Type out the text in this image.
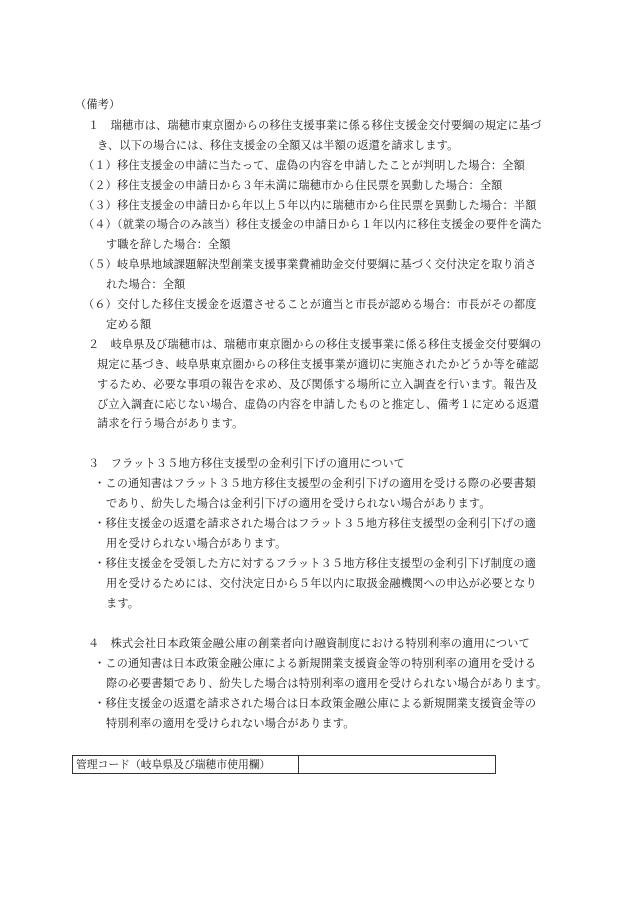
（備考）
１　瑞穂市は、瑞穂市東京圏からの移住支援事業に係る移住支援金交付要綱の規定に基づ
き、以下の場合には、移住支援金の全額又は半額の返還を請求します。
（１）移住支援金の申請に当たって、虚偽の内容を申請したことが判明した場合：全額
（２）移住支援金の申請日から３年未満に瑞穂市から住民票を異動した場合：全額
（３）移住支援金の申請日から年以上５年以内に瑞穂市から住民票を異動した場合：半額
（４）（就業の場合のみ該当）移住支援金の申請日から１年以内に移住支援金の要件を満た
す職を辞した場合：全額
（５）岐阜県地域課題解決型創業支援事業費補助金交付要綱に基づく交付決定を取り消さ
れた場合：全額
（６）交付した移住支援金を返還させることが適当と市長が認める場合：市長がその都度
定める額
２　岐阜県及び瑞穂市は、瑞穂市東京圏からの移住支援事業に係る移住支援金交付要綱の
規定に基づき、岐阜県東京圏からの移住支援事業が適切に実施されたかどうか等を確認
するため、必要な事項の報告を求め、及び関係する場所に立入調査を行います。報告及
び立入調査に応じない場合、虚偽の内容を申請したものと推定し、備考１に定める返還
請求を行う場合があります。
３　フラット３５地方移住支援型の金利引下げの適用について
・この通知書はフラット３５地方移住支援型の金利引下げの適用を受ける際の必要書類
であり、紛失した場合は金利引下げの適用を受けられない場合があります。
・移住支援金の返還を請求された場合はフラット３５地方移住支援型の金利引下げの適
用を受けられない場合があります。
・移住支援金を受領した方に対するフラット３５地方移住支援型の金利引下げ制度の適
用を受けるためには、交付決定日から５年以内に取扱金融機関への申込が必要となり
ます。
４　株式会社日本政策金融公庫の創業者向け融資制度における特別利率の適用について
・この通知書は日本政策金融公庫による新規開業支援資金等の特別利率の適用を受ける
際の必要書類であり、紛失した場合は特別利率の適用を受けられない場合があります。
・移住支援金の返還を請求された場合は日本政策金融公庫による新規開業支援資金等の
特別利率の適用を受けられない場合があります。
管理コード（岐阜県及び瑞穂市使用欄）
